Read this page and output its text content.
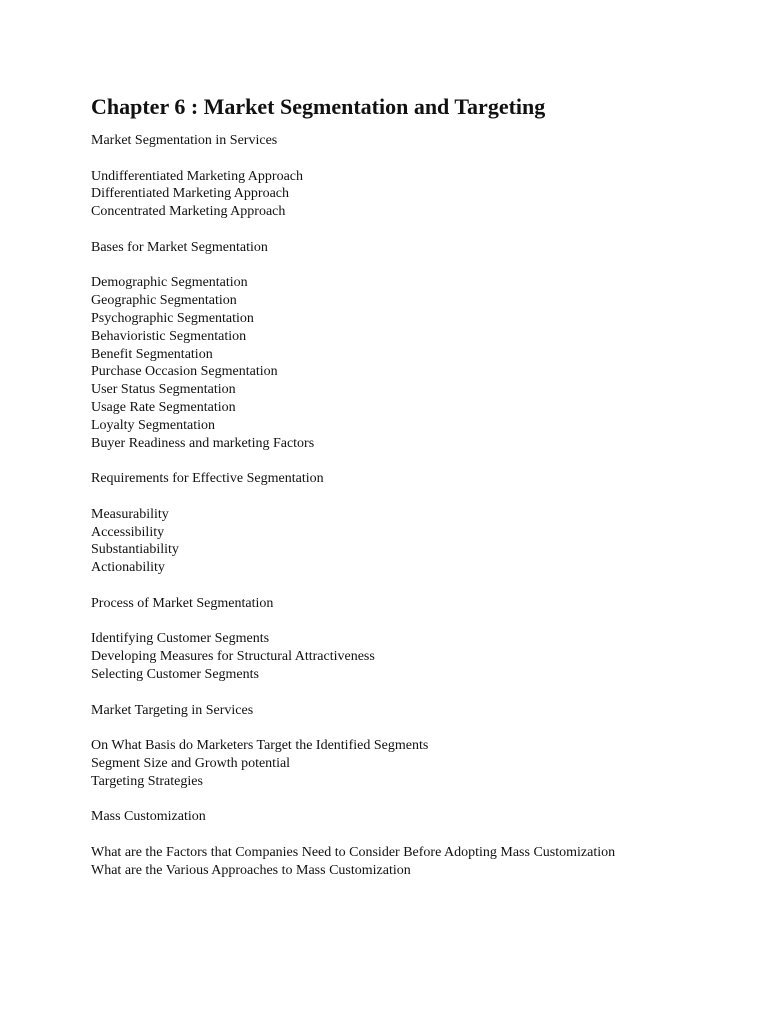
Chapter 6 : Market Segmentation and Targeting
Market Segmentation in Services
Undifferentiated Marketing Approach
Differentiated Marketing Approach
Concentrated Marketing Approach
Bases for Market Segmentation
Demographic Segmentation
Geographic Segmentation
Psychographic Segmentation
Behavioristic Segmentation
Benefit Segmentation
Purchase Occasion Segmentation
User Status Segmentation
Usage Rate Segmentation
Loyalty Segmentation
Buyer Readiness and marketing Factors
Requirements for Effective Segmentation
Measurability
Accessibility
Substantiability
Actionability
Process of Market Segmentation
Identifying Customer Segments
Developing Measures for Structural Attractiveness
Selecting Customer Segments
Market Targeting in Services
On What Basis do Marketers Target the Identified Segments
Segment Size and Growth potential
Targeting Strategies
Mass Customization
What are the Factors that Companies Need to Consider Before Adopting Mass Customization
What are the Various Approaches to Mass Customization
